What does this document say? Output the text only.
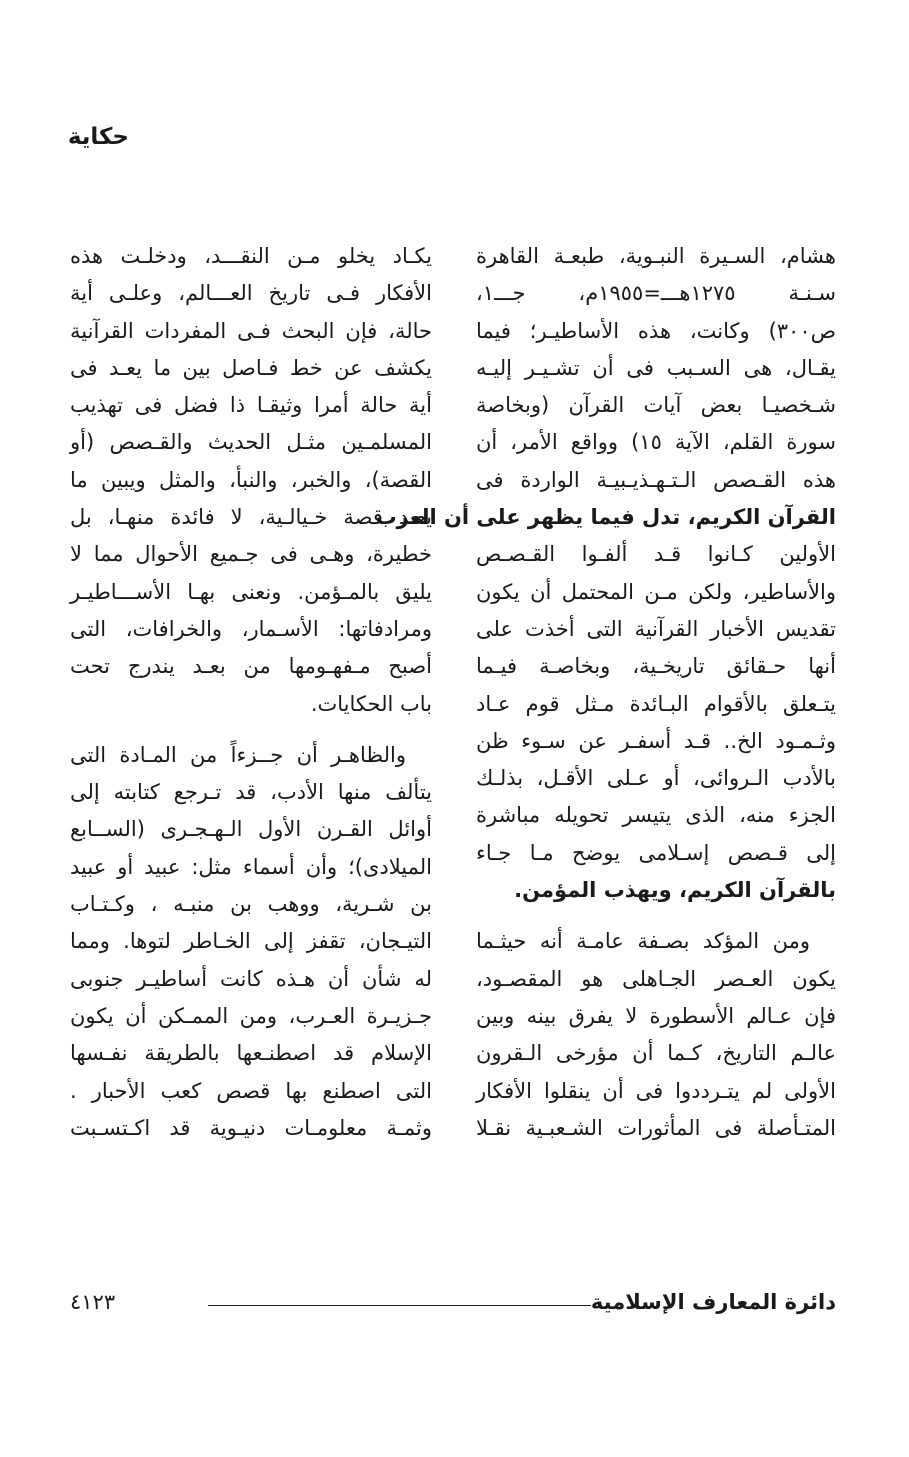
حكاية
هشام، السـيرة النبـوية، طبعـة القاهرة
سـنـة ١٢٧٥هـــ=١٩٥٥م، جـــ١،
ص٣٠٠) وكانت، هذه الأساطيـر؛ فيما
يقـال، هى السـبب فى أن تشـيـر إليـه
شـخصيـا بعض آيات القرآن (وبخاصة
سورة القلم، الآية ١٥) وواقع الأمر، أن
هذه القـصص الـتـهـذيـبيـة الواردة فى
القرآن الكريم، تدل فيما يظهر على أن العرب
الأولين كـانوا قـد ألفـوا القـصـص
والأساطير، ولكن مـن المحتمل أن يكون
تقديس الأخبار القرآنية التى أخذت على
أنها حـقائق تاريخـية، وبخاصـة فيـما
يتـعلق بالأقوام البـائدة مـثل قوم عـاد
وثـمـود الخ.. قـد أسفـر عن سـوء ظن
بالأدب الـروائى، أو عـلى الأقـل، بذلـك
الجزء منه، الذى يتيسر تحويله مباشرة
إلى قـصص إسـلامى يوضح مـا جـاء
بالقرآن الكريم، ويهذب المؤمن.
ومن المؤكد بصـفة عامـة أنه حيثـما
يكون العـصر الجـاهلى هو المقصـود،
فإن عـالم الأسطورة لا يفرق بينه وبين
عالـم التاريخ، كـما أن مؤرخى الـقرون
الأولى لم يتـرددوا فى أن ينقلوا الأفكار
المتـأصلة فى المأثورات الشـعبـية نقـلا
يكـاد يخلو مـن النقـــد، ودخلـت هذه
الأفكار فـى تاريخ العـــالم، وعلـى أية
حالة، فإن البحث فـى المفردات القرآنية
يكشف عن خط فـاصل بين ما يعـد فى
أية حالة أمرا وثيقـا ذا فضل فى تهذيب
المسلمـين مثـل الحديث والقـصص (أو
القصة)، والخبر، والنبأ، والمثل ويبين ما
يعـد قصة خـيالـية، لا فائدة منهـا، بل
خطيرة، وهـى فى جـميع الأحوال مما لا
يليق بالمـؤمن. ونعنى بهـا الأســـاطيـر
ومرادفاتها: الأسـمار، والخرافات، التى
أصبح مـفهـومها من بعـد يندرج تحت
باب الحكايات.
والظاهـر أن جــزءاً من المـادة التى
يتألف منها الأدب، قد تـرجع كتابته إلى
أوائل القـرن الأول الـهـجـرى (الســابع
الميلادى)؛ وأن أسماء مثل: عبيد أو عبيد
بن شـرية، ووهب بن منبـه ، وكـتـاب
التيـجان، تقفز إلى الخـاطر لتوها. ومما
له شأن أن هـذه كانت أساطيـر جنوبى
جـزيـرة العـرب، ومن الممـكن أن يكون
الإسلام قد اصطنـعها بالطريقة نفـسها
التى اصطنع بها قصص كعب الأحبار .
وثمـة معلومـات دنيـوية قد اكـتسـبت
دائرة المعارف الإسلامية
٤١٢٣
